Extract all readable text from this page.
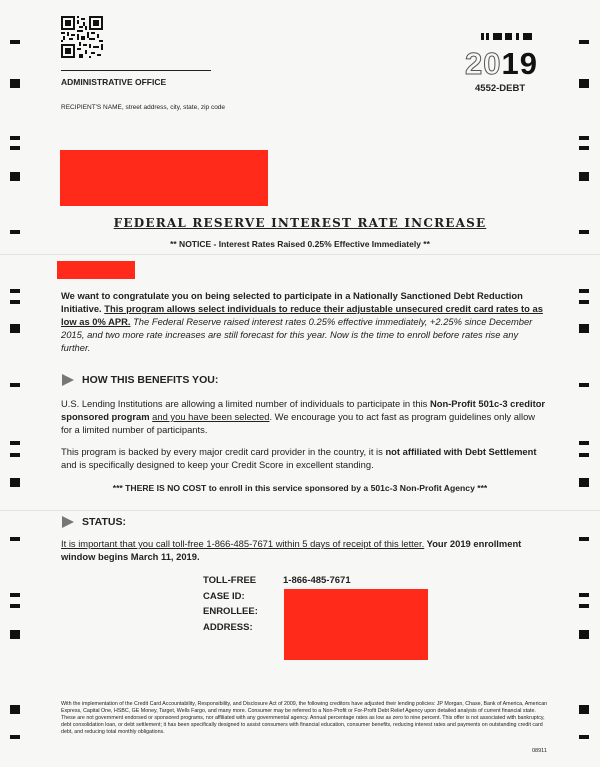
ADMINISTRATIVE OFFICE
RECIPIENT'S NAME, street address, city, state, zip code
2019
4552-DEBT
FEDERAL RESERVE INTEREST RATE INCREASE
** NOTICE - Interest Rates Raised 0.25% Effective Immediately **
We want to congratulate you on being selected to participate in a Nationally Sanctioned Debt Reduction Initiative. This program allows select individuals to reduce their adjustable unsecured credit card rates to as low as 0% APR. The Federal Reserve raised interest rates 0.25% effective immediately, +2.25% since December 2015, and two more rate increases are still forecast for this year. Now is the time to enroll before rates rise any further.
HOW THIS BENEFITS YOU:
U.S. Lending Institutions are allowing a limited number of individuals to participate in this Non-Profit 501c-3 creditor sponsored program and you have been selected. We encourage you to act fast as program guidelines only allow for a limited number of participants.
This program is backed by every major credit card provider in the country, it is not affiliated with Debt Settlement and is specifically designed to keep your Credit Score in excellent standing.
*** THERE IS NO COST to enroll in this service sponsored by a 501c-3 Non-Profit Agency ***
STATUS:
It is important that you call toll-free 1-866-485-7671 within 5 days of receipt of this letter. Your 2019 enrollment window begins March 11, 2019.
TOLL-FREE	1-866-485-7671
CASE ID:
ENROLLEE:
ADDRESS:
With the implementation of the Credit Card Accountability, Responsibility, and Disclosure Act of 2009, the following creditors have adjusted their lending policies: JP Morgan, Chase, Bank of America, American Express, Capital One, HSBC, GE Money, Target, Wells Fargo, and many more. Consumer may be referred to a Non-Profit or For-Profit Debt Relief Agency upon detailed analysis of current financial state. These are not government endorsed or sponsored programs, nor affiliated with any governmental agency. Annual percentage rates as low as zero to nine percent. This offer is not associated with bankruptcy, debt consolidation loan, or debt settlement; it has been specifically designed to assist consumers with financial education, consumer benefits, reducing interest rates and payments on outstanding credit card debt, and reducing total monthly obligations.
08911
